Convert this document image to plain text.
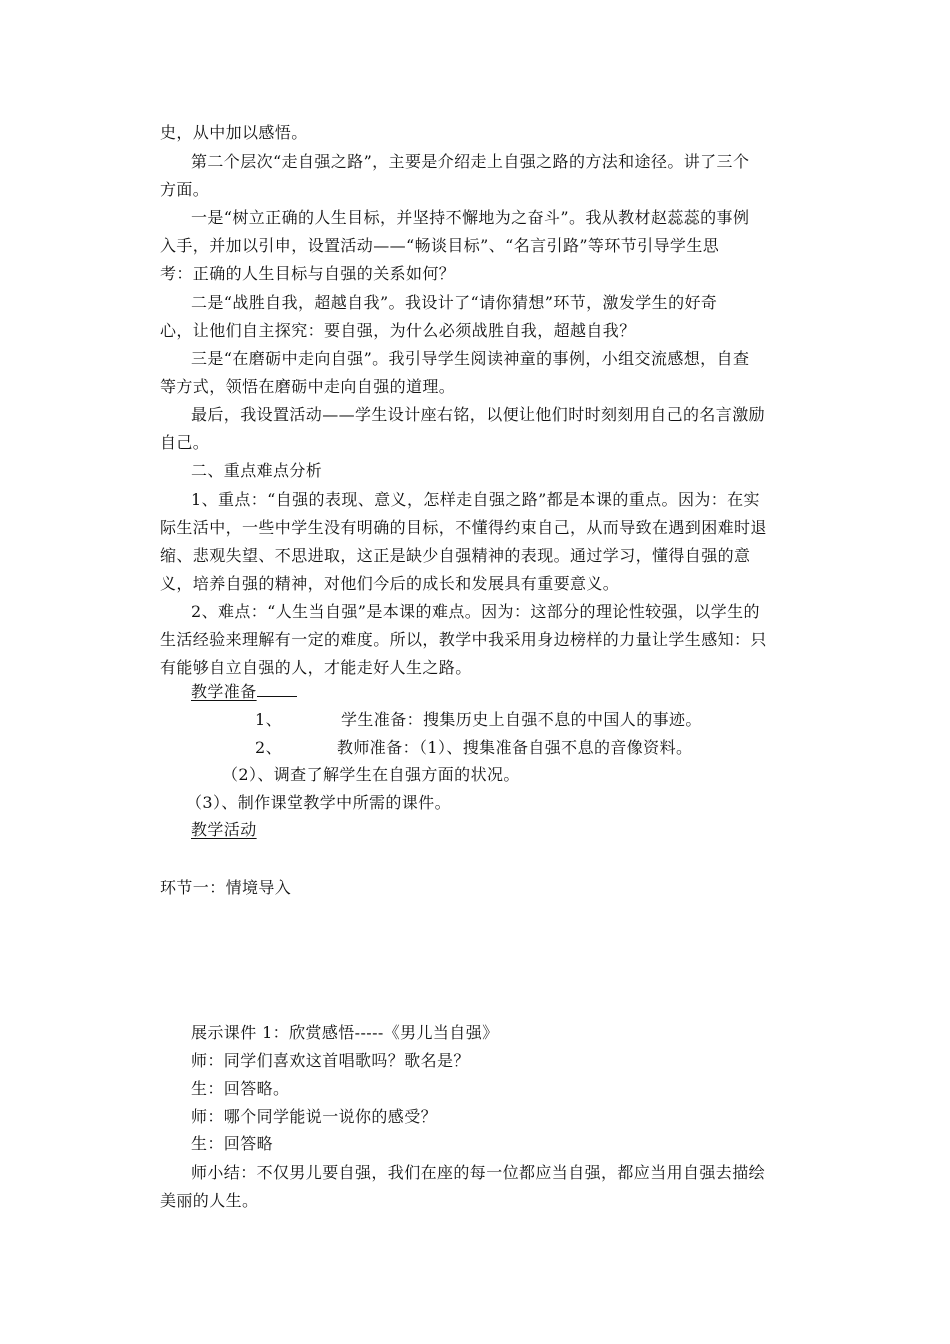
史，从中加以感悟。
第二个层次“走自强之路”，主要是介绍走上自强之路的方法和途径。讲了三个
方面。
一是“树立正确的人生目标，并坚持不懈地为之奋斗”。我从教材赵蕊蕊的事例
入手，并加以引申，设置活动——“畅谈目标”、“名言引路”等环节引导学生思
考：正确的人生目标与自强的关系如何？
二是“战胜自我，超越自我”。我设计了“请你猜想”环节，激发学生的好奇
心，让他们自主探究：要自强，为什么必须战胜自我，超越自我？
三是“在磨砺中走向自强”。我引导学生阅读神童的事例，小组交流感想，自查
等方式，领悟在磨砺中走向自强的道理。
最后，我设置活动——学生设计座右铭，以便让他们时时刻刻用自己的名言激励
自己。
二、重点难点分析
1、重点：“自强的表现、意义，怎样走自强之路”都是本课的重点。因为：在实
际生活中，一些中学生没有明确的目标，不懂得约束自己，从而导致在遇到困难时退
缩、悲观失望、不思进取，这正是缺少自强精神的表现。通过学习，懂得自强的意
义，培养自强的精神，对他们今后的成长和发展具有重要意义。
2、难点：“人生当自强”是本课的难点。因为：这部分的理论性较强，以学生的
生活经验来理解有一定的难度。所以，教学中我采用身边榜样的力量让学生感知：只
有能够自立自强的人，才能走好人生之路。
教学准备
1、	学生准备：搜集历史上自强不息的中国人的事迹。
2、	教师准备：（1）、搜集准备自强不息的音像资料。
（2）、调查了解学生在自强方面的状况。
（3）、制作课堂教学中所需的课件。
教学活动
环节一：情境导入
展示课件 1：欣赏感悟-----《男儿当自强》
师：同学们喜欢这首唱歌吗？歌名是？
生：回答略。
师：哪个同学能说一说你的感受？
生：回答略
师小结：不仅男儿要自强，我们在座的每一位都应当自强，都应当用自强去描绘
美丽的人生。
